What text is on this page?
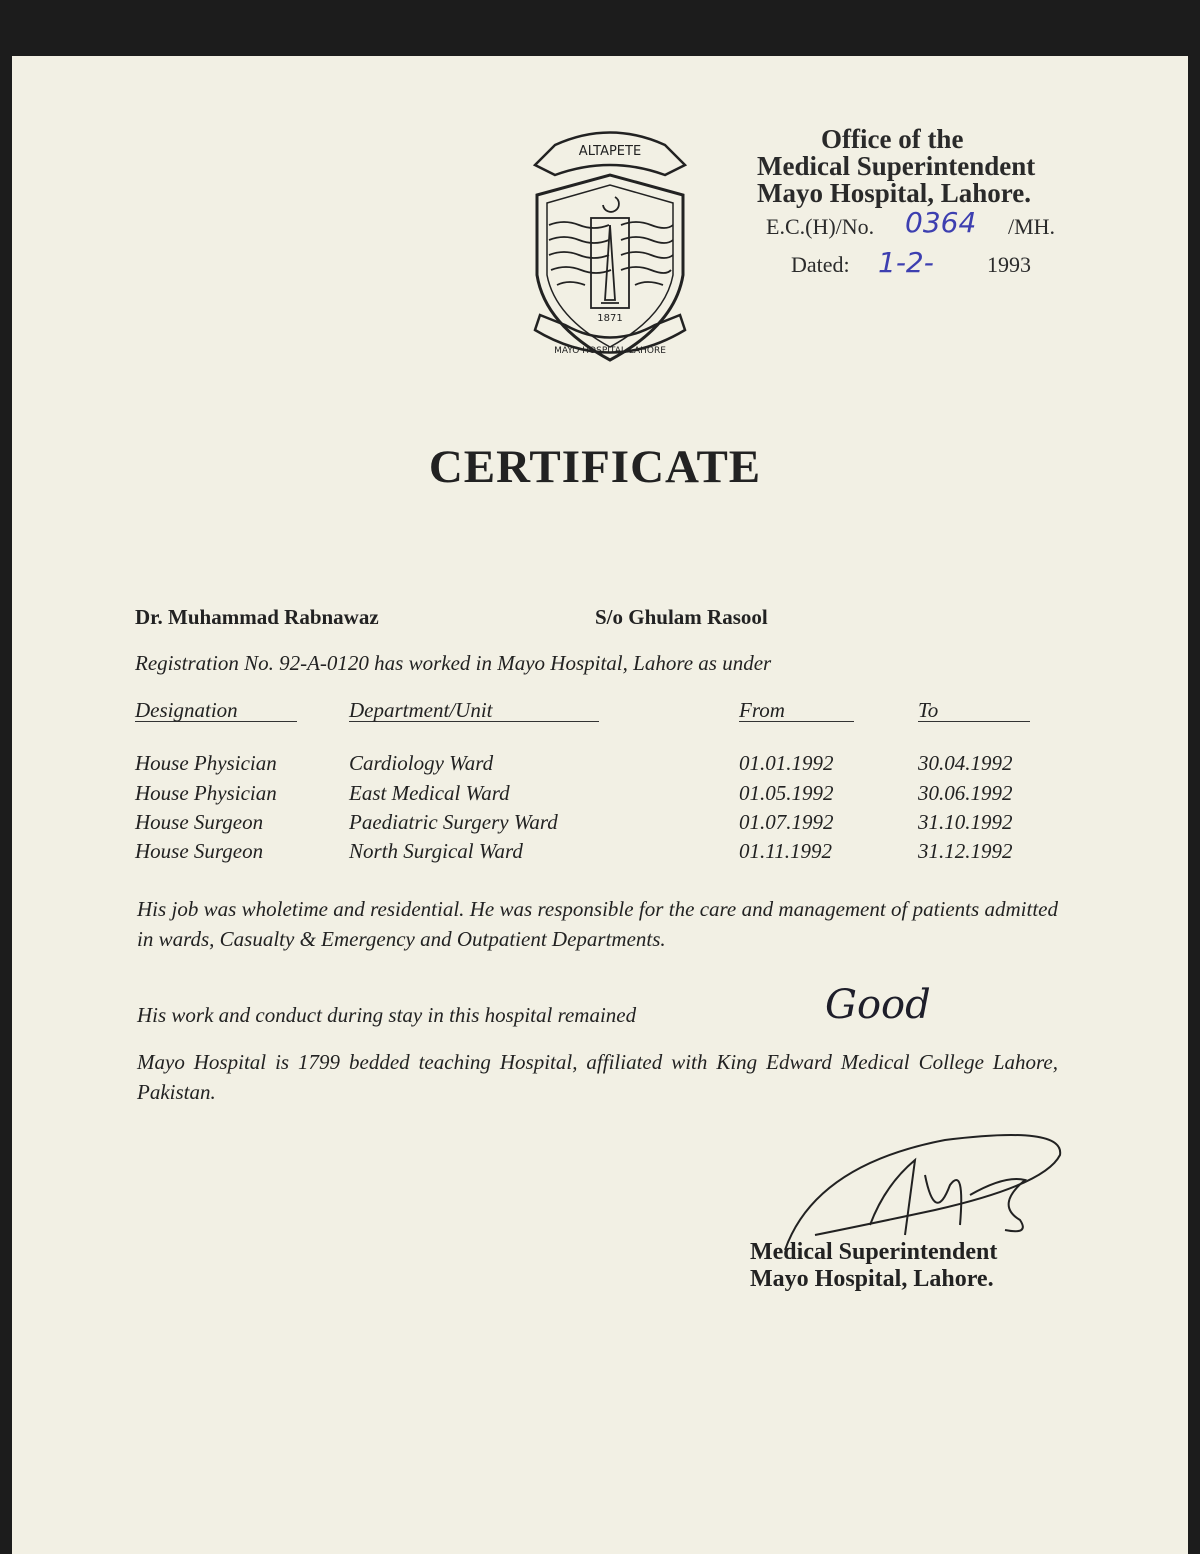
ALTAPETE
1871
MAYO HOSPITAL LAHORE
Office of the
Medical Superintendent
Mayo Hospital, Lahore.
E.C.(H)/No. 0364 /MH.
Dated: 1-2- 1993
CERTIFICATE
Dr. Muhammad Rabnawaz	S/o Ghulam Rasool
Registration No. 92-A-0120 has worked in Mayo Hospital, Lahore as under
Designation	Department/Unit	From	To
House Physician	Cardiology Ward	01.01.1992	30.04.1992
House Physician	East Medical Ward	01.05.1992	30.06.1992
House Surgeon	Paediatric Surgery Ward	01.07.1992	31.10.1992
House Surgeon	North Surgical Ward	01.11.1992	31.12.1992
His job was wholetime and residential. He was responsible for the care and management of patients admitted in wards, Casualty & Emergency and Outpatient Departments.
His work and conduct during stay in this hospital remained	Good
Mayo Hospital is 1799 bedded teaching Hospital, affiliated with King Edward Medical College Lahore, Pakistan.
Medical Superintendent
Mayo Hospital, Lahore.
